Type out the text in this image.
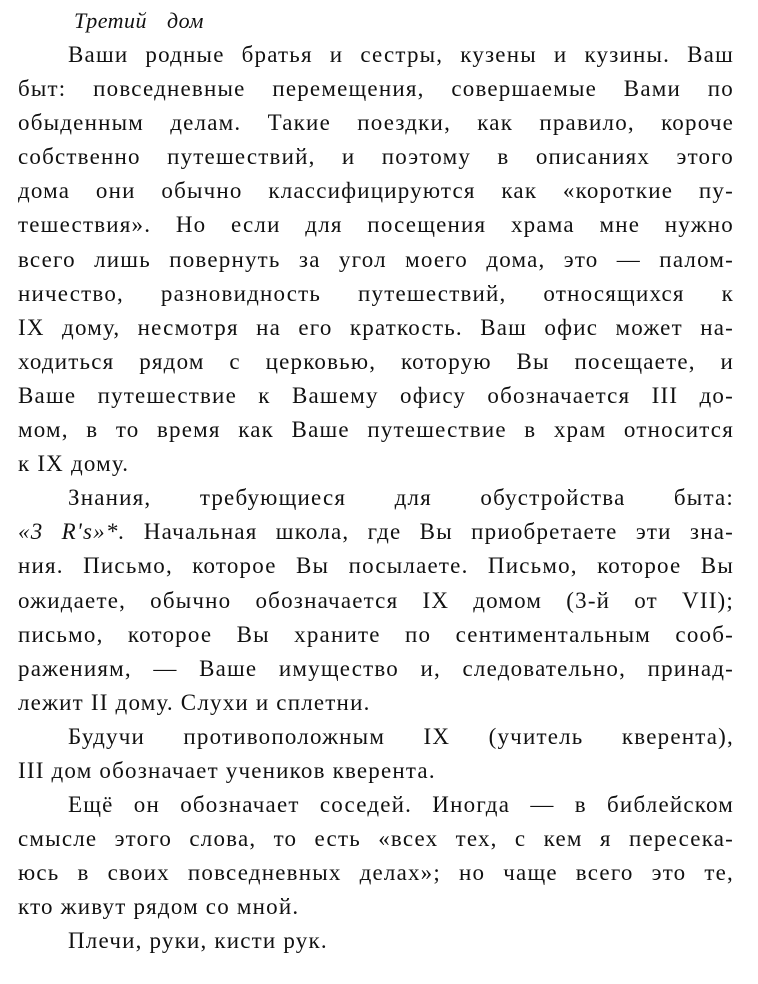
Третий дом
Ваши родные братья и сестры, кузены и кузины. Ваш
быт: повседневные перемещения, совершаемые Вами по
обыденным делам. Такие поездки, как правило, короче
собственно путешествий, и поэтому в описаниях этого
дома они обычно классифицируются как «короткие пу-
тешествия». Но если для посещения храма мне нужно
всего лишь повернуть за угол моего дома, это — палом-
ничество, разновидность путешествий, относящихся к
IX дому, несмотря на его краткость. Ваш офис может на-
ходиться рядом с церковью, которую Вы посещаете, и
Ваше путешествие к Вашему офису обозначается III до-
мом, в то время как Ваше путешествие в храм относится
к IX дому.
Знания, требующиеся для обустройства быта:
«3 R's»*. Начальная школа, где Вы приобретаете эти зна-
ния. Письмо, которое Вы посылаете. Письмо, которое Вы
ожидаете, обычно обозначается IX домом (3-й от VII);
письмо, которое Вы храните по сентиментальным сооб-
ражениям, — Ваше имущество и, следовательно, принад-
лежит II дому. Слухи и сплетни.
Будучи противоположным IX (учитель кверента),
III дом обозначает учеников кверента.
Ещё он обозначает соседей. Иногда — в библейском
смысле этого слова, то есть «всех тех, с кем я пересека-
юсь в своих повседневных делах»; но чаще всего это те,
кто живут рядом со мной.
Плечи, руки, кисти рук.
